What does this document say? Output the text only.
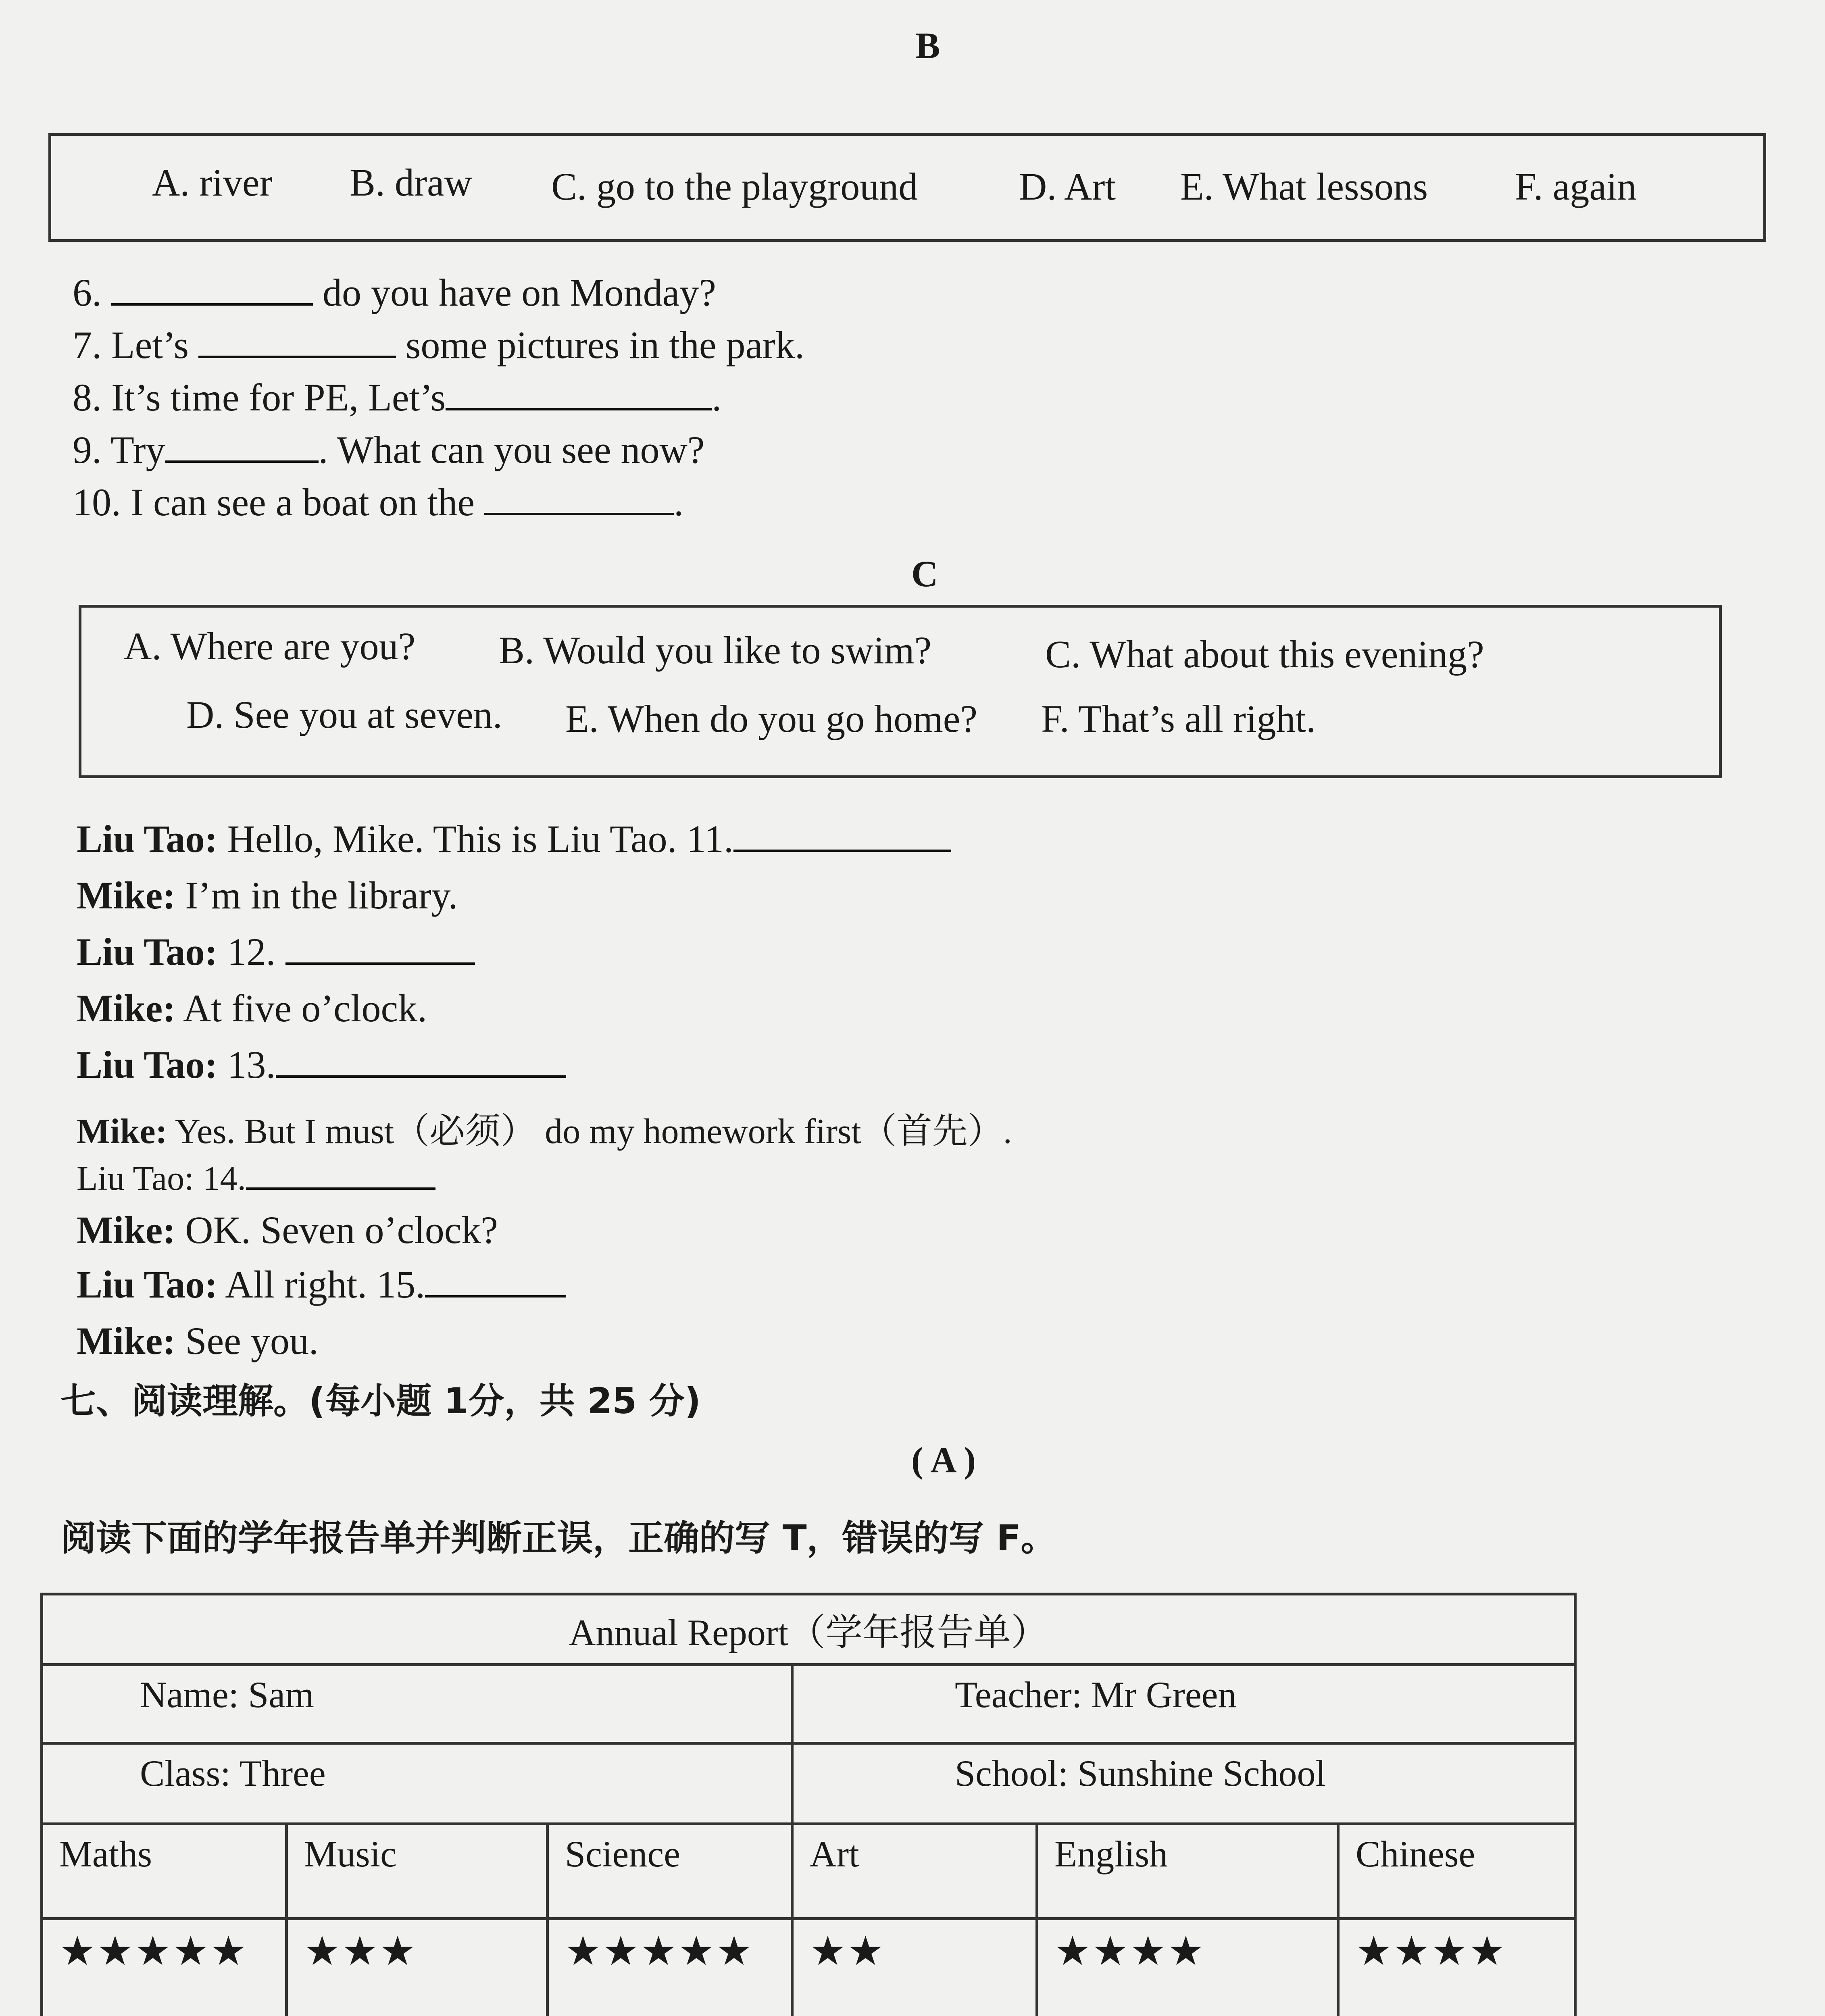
B
A. river B. draw C. go to the playground	D. Art E. What lessons F. again
6.	do you have on Monday?
7. Let’s	some pictures in the park.
8. It’s time for PE, Let’s	.
9. Try	. What can you see now?
10. I can see a boat on the	.
C
A. Where are you? B. Would you like to swim?	C. What about this evening?
D. See you at seven. E. When do you go home? F. That’s all right.
Liu Tao: Hello, Mike. This is Liu Tao. 11.
Mike: I’m in the library.
Liu Tao: 12.
Mike: At five o’clock.
Liu Tao: 13.
Mike: Yes. But I must（必须） do my homework first（首先）.
Liu Tao: 14.
Mike: OK. Seven o’clock?
Liu Tao: All right. 15.
Mike: See you.
七、阅读理解。(每小题 1分，共 25 分)
( A )
阅读下面的学年报告单并判断正误，正确的写 T，错误的写 F。
Annual Report（学年报告单）					
Name: Sam			Teacher: Mr Green		
Class: Three			School: Sunshine School		
Maths	Music	Science	Art	English	Chinese
★★★★★	★★★	★★★★★	★★	★★★★	★★★★
